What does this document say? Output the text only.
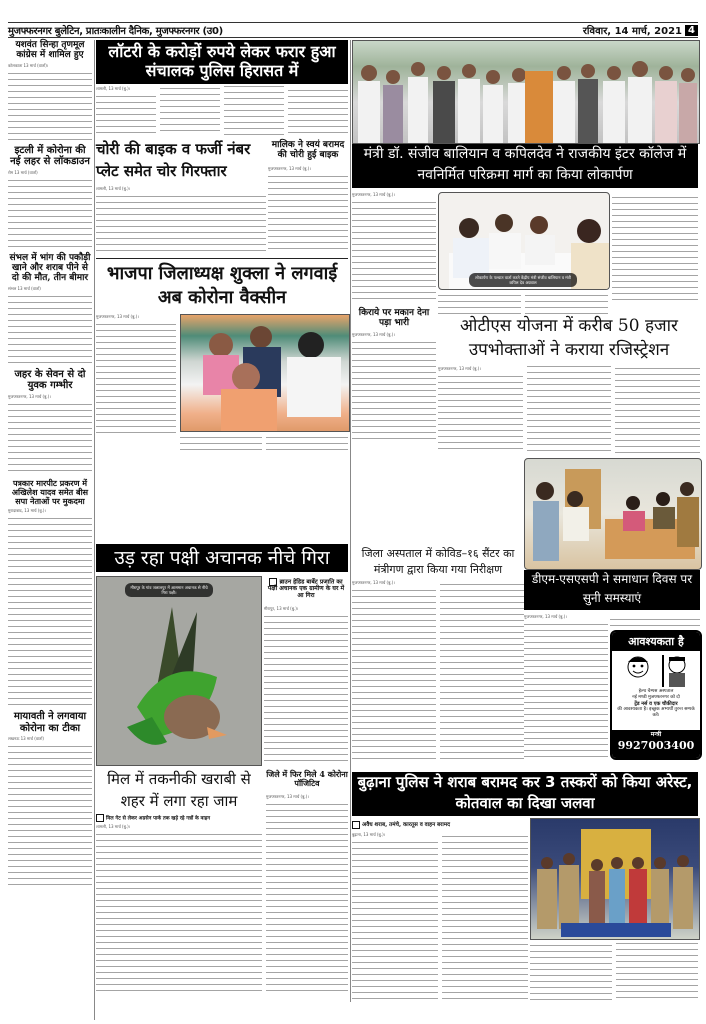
मुजफ्फरनगर बुलेटिन, प्रातःकालीन दैनिक, मुजफ्फरनगर (उ0)	रविवार, 14 मार्च, 2021 4
यशवंत सिन्हा तृणमूल कांग्रेस में शामिल हुए
कोलकाता 13 मार्च (वार्ता)।
इटली में कोरोना की नई लहर से लॉकडाउन
रोम 13 मार्च (वार्ता)
संभल में भांग की पकौड़ी खाने और शराब पीने से दो की मौत, तीन बीमार
संभल 13 मार्च (वार्ता)
जहर के सेवन से दो युवक गम्भीर
मुजफ्फरनगर, 13 मार्च (बु.)।
पत्रकार मारपीट प्रकरण में अखिलेश यादव समेत बीस सपा नेताओं पर मुकदमा
मुरादाबाद, 13 मार्च (बु.)।
मायावती ने लगवाया कोरोना का टीका
लखनऊ 13 मार्च (वार्ता)
लॉटरी के करोड़ों रुपये लेकर फरार हुआ संचालक पुलिस हिरासत में
शामली, 13 मार्च (बु.)।
चोरी की बाइक व फर्जी नंबर प्लेट समेत चोर गिरफ्तार
शामली, 13 मार्च (बु.)।
मालिक ने स्वयं बरामद की चोरी हुई बाइक
मुजफ्फरनगर, 13 मार्च (बु.)।
भाजपा जिलाध्यक्ष शुक्ला ने लगवाई अब कोरोना वैक्सीन
मुजफ्फरनगर, 13 मार्च (बु.)।
उड़ रहा पक्षी अचानक नीचे गिरा
मीरापुर के गांव जलालपुर में आसमान अचानक से नीचे गिरा पक्षी।
ब्राउन हेडिड बार्बेट प्रजाति का पक्षी अचानक एक ग्रामीण के घर में आ गिरा
मीरापुर, 13 मार्च (बु.)।
मिल में तकनीकी खराबी से शहर में लगा रहा जाम
मिल गेट से लेकर अग्रसेन पार्क तक खड़े रहे गन्नों के वाहन
शामली, 13 मार्च (बु.)।
जिले में फिर मिले 4 कोरोना पॉजिटिव
मुजफ्फरनगर, 13 मार्च (बु.)।
मंत्री डॉ. संजीव बालियान व कपिलदेव ने राजकीय इंटर कॉलेज में नवनिर्मित परिक्रमा मार्ग का किया लोकार्पण
मुजफ्फरनगर, 13 मार्च (बु.)।
लोकार्पण के पश्चात वार्ता करते केंद्रीय मंत्री संजीव बालियान व मंत्री कपिल देव अग्रवाल
किराये पर मकान देना पड़ा भारी
मुजफ्फरनगर, 13 मार्च (बु.)।	ओटीएस योजना में करीब 50 हजार उपभोक्ताओं ने कराया रजिस्ट्रेशन
मुजफ्फरनगर, 13 मार्च (बु.)।
जिला अस्पताल में कोविड–१६ सैंटर का मंत्रीगण द्वारा किया गया निरीक्षण
मुजफ्फरनगर, 13 मार्च (बु.)।	डीएम-एसएसपी ने समाधान दिवस पर सुनी समस्याएं
मुजफ्फरनगर, 13 मार्च (बु.)।
आवश्यकता है
हेल्थ चैम्पस अस्पताल
नई मण्डी मुजफ्फरनगर को दो
ट्रेंड नर्स व एक चौकीदार
की आवश्यकता है। इच्छुक अभ्यर्थी तुरन्त सम्पर्क करें।
मन्त्री
9927003400
बुढ़ाना पुलिस ने शराब बरामद कर 3 तस्करों को किया अरेस्ट, कोतवाल का दिखा जलवा
अवैध शराब, तमंचे, कारतूस व वाहन बरामद
बुढ़ाना, 13 मार्च (बु.)।
